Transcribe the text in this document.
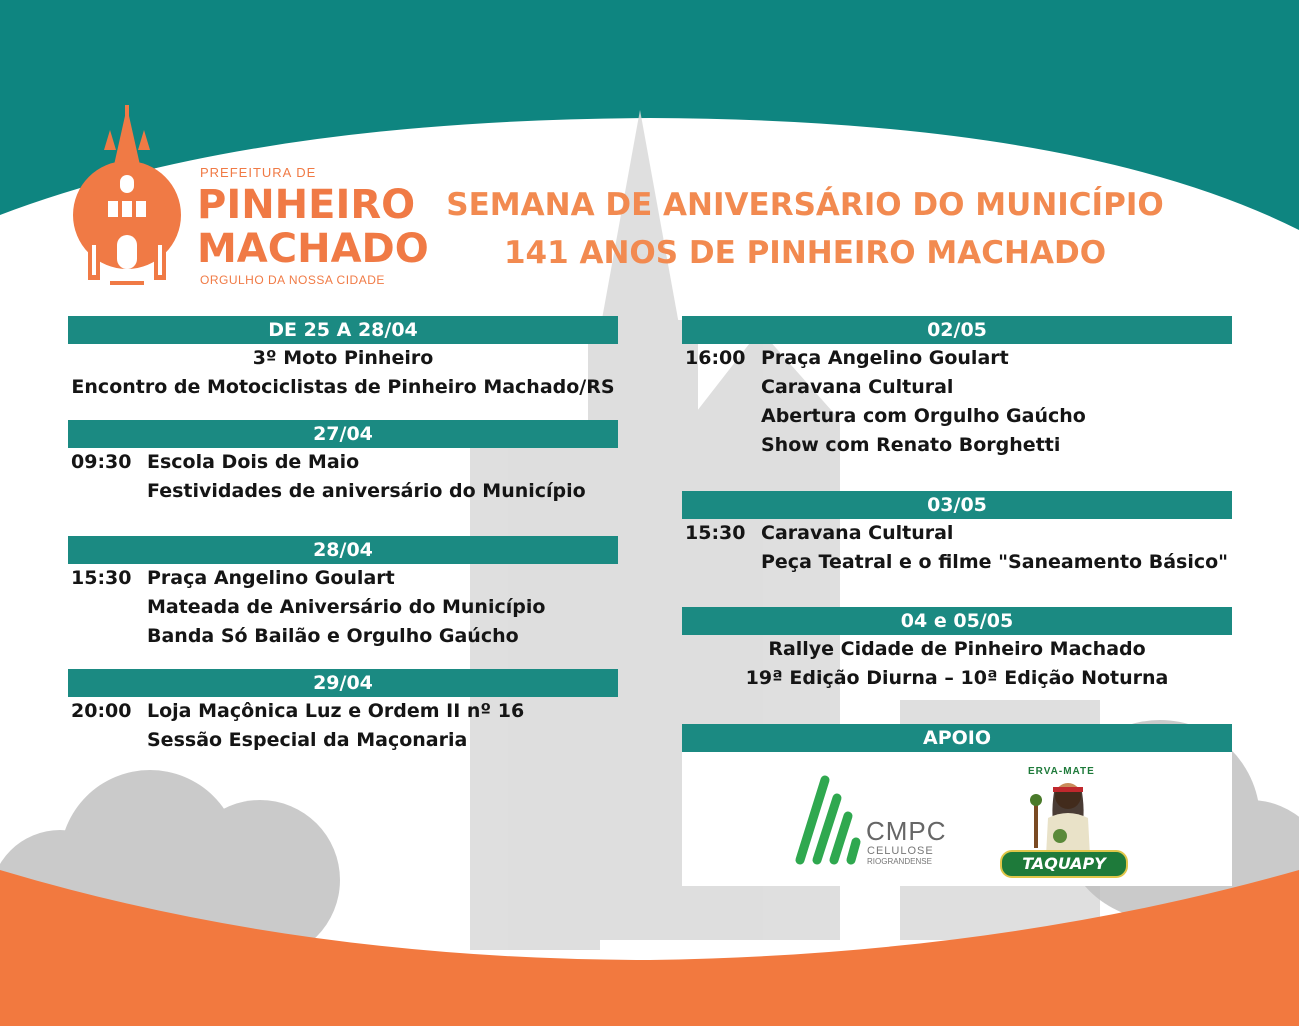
PREFEITURA DE
PINHEIRO
MACHADO
ORGULHO DA NOSSA CIDADE
SEMANA DE ANIVERSÁRIO DO MUNICÍPIO
141 ANOS DE PINHEIRO MACHADO
DE 25 A 28/04
3º Moto Pinheiro
Encontro de Motociclistas de Pinheiro Machado/RS
27/04
09:30 Escola Dois de Maio
Festividades de aniversário do Município
28/04
15:30 Praça Angelino Goulart
Mateada de Aniversário do Município
Banda Só Bailão e Orgulho Gaúcho
29/04
20:00 Loja Maçônica Luz e Ordem II nº 16
Sessão Especial da Maçonaria
02/05
16:00 Praça Angelino Goulart
Caravana Cultural
Abertura com Orgulho Gaúcho
Show com Renato Borghetti
03/05
15:30 Caravana Cultural
Peça Teatral e o filme "Saneamento Básico"
04 e 05/05
Rallye Cidade de Pinheiro Machado
19ª Edição Diurna – 10ª Edição Noturna
APOIO
CMPC
CELULOSE
RIOGRANDENSE
ERVA-MATE
TAQUAPY
